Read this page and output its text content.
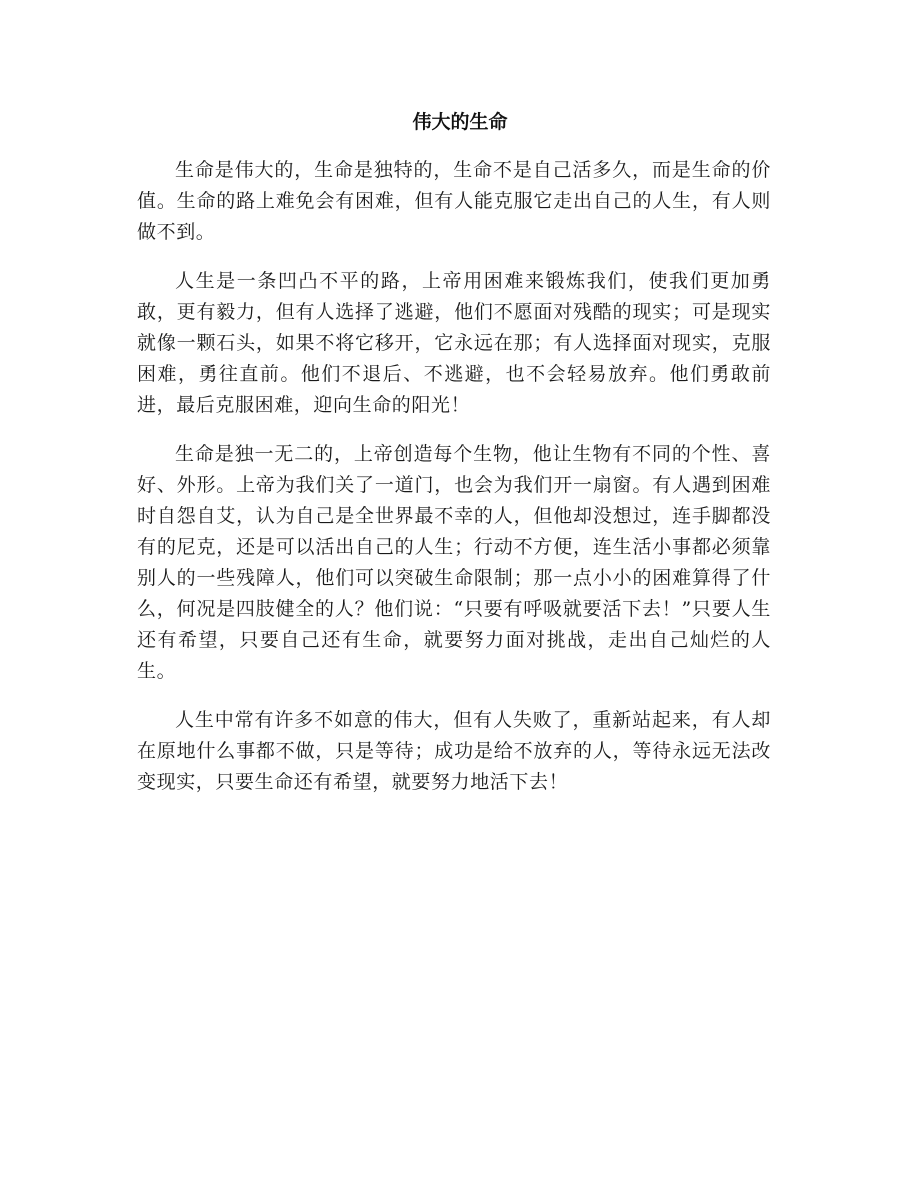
伟大的生命

生命是伟大的，生命是独特的，生命不是自己活多久，而是生命的价值。生命的路上难免会有困难，但有人能克服它走出自己的人生，有人则做不到。

人生是一条凹凸不平的路，上帝用困难来锻炼我们，使我们更加勇敢，更有毅力，但有人选择了逃避，他们不愿面对残酷的现实；可是现实就像一颗石头，如果不将它移开，它永远在那；有人选择面对现实，克服困难，勇往直前。他们不退后、不逃避，也不会轻易放弃。他们勇敢前进，最后克服困难，迎向生命的阳光！

生命是独一无二的，上帝创造每个生物，他让生物有不同的个性、喜好、外形。上帝为我们关了一道门，也会为我们开一扇窗。有人遇到困难时自怨自艾，认为自己是全世界最不幸的人，但他却没想过，连手脚都没有的尼克，还是可以活出自己的人生；行动不方便，连生活小事都必须靠别人的一些残障人，他们可以突破生命限制；那一点小小的困难算得了什么，何况是四肢健全的人？他们说：“只要有呼吸就要活下去！”只要人生还有希望，只要自己还有生命，就要努力面对挑战，走出自己灿烂的人生。

人生中常有许多不如意的伟大，但有人失败了，重新站起来，有人却在原地什么事都不做，只是等待；成功是给不放弃的人，等待永远无法改变现实，只要生命还有希望，就要努力地活下去！
